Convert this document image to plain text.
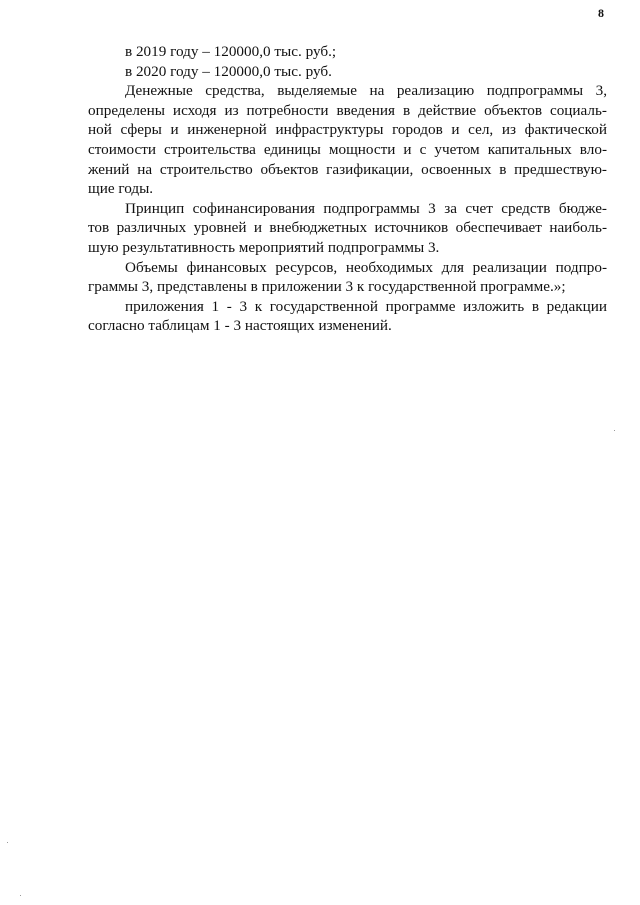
8
в 2019 году – 120000,0 тыс. руб.;
в 2020 году – 120000,0 тыс. руб.
Денежные средства, выделяемые на реализацию подпрограммы 3,
определены исходя из потребности введения в действие объектов социаль-
ной сферы и инженерной инфраструктуры городов и сел, из фактической
стоимости строительства единицы мощности и с учетом капитальных вло-
жений на строительство объектов газификации, освоенных в предшествую-
щие годы.
Принцип софинансирования подпрограммы 3 за счет средств бюдже-
тов различных уровней и внебюджетных источников обеспечивает наиболь-
шую результативность мероприятий подпрограммы 3.
Объемы финансовых ресурсов, необходимых для реализации подпро-
граммы 3, представлены в приложении 3 к государственной программе.»;
приложения 1 - 3 к государственной программе изложить в редакции
согласно таблицам 1 - 3 настоящих изменений.
